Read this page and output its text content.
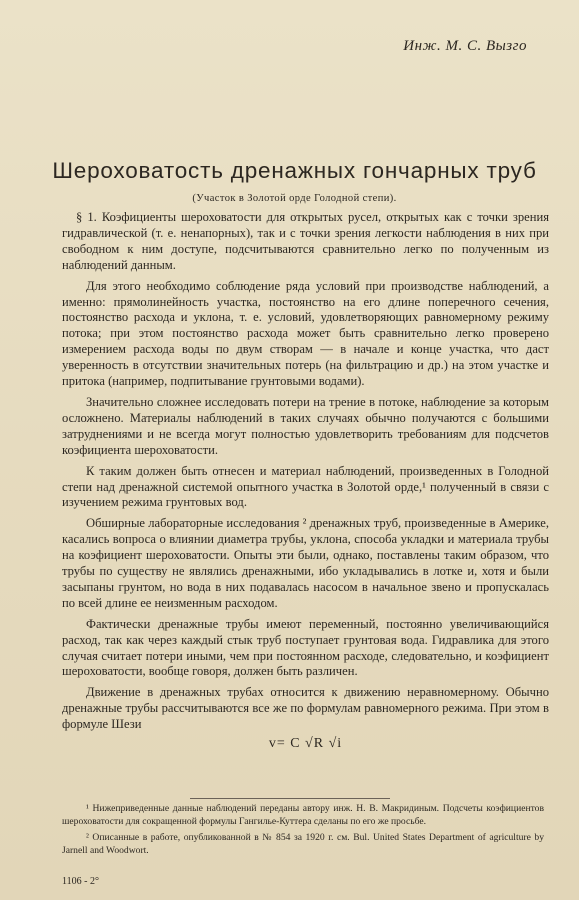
Инж. М. С. Вызго
Шероховатость дренажных гончарных труб
(Участок в Золотой орде Голодной степи).

§ 1. Коэфициенты шероховатости для открытых русел, открытых как с точки зрения гидравлической (т. е. ненапорных), так и с точки зрения легкости наблюдения в них при свободном к ним доступе, подсчитываются сравнительно легко по полученным из наблюдений данным.

Для этого необходимо соблюдение ряда условий при производстве наблюдений, а именно: прямолинейность участка, постоянство на его длине поперечного сечения, постоянство расхода и уклона, т. е. условий, удовлетворяющих равномерному режиму потока; при этом постоянство расхода может быть сравнительно легко проверено измерением расхода воды по двум створам — в начале и конце участка, что даст уверенность в отсутствии значительных потерь (на фильтрацию и др.) на этом участке и притока (например, подпитывание грунтовыми водами).

Значительно сложнее исследовать потери на трение в потоке, наблюдение за которым осложнено. Материалы наблюдений в таких случаях обычно получаются с большими затруднениями и не всегда могут полностью удовлетворить требованиям для подсчетов коэфициента шероховатости.

К таким должен быть отнесен и материал наблюдений, произведенных в Голодной степи над дренажной системой опытного участка в Золотой орде,¹ полученный в связи с изучением режима грунтовых вод.

Обширные лабораторные исследования ² дренажных труб, произведенные в Америке, касались вопроса о влиянии диаметра трубы, уклона, способа укладки и материала трубы на коэфициент шероховатости. Опыты эти были, однако, поставлены таким образом, что трубы по существу не являлись дренажными, ибо укладывались в лотке и, хотя и были засыпаны грунтом, но вода в них подавалась насосом в начальное звено и пропускалась по всей длине ее неизменным расходом.

Фактически дренажные трубы имеют переменный, постоянно увеличивающийся расход, так как через каждый стык труб поступает грунтовая вода. Гидравлика для этого случая считает потери иными, чем при постоянном расходе, следовательно, и коэфициент шероховатости, вообще говоря, должен быть различен.

Движение в дренажных трубах относится к движению неравномерному. Обычно дренажные трубы рассчитываются все же по формулам равномерного режима. При этом в формуле Шези

v= C √R √i

¹ Нижеприведенные данные наблюдений переданы автору инж. Н. В. Макридиным. Подсчеты коэфициентов шероховатости для сокращенной формулы Гангилье-Куттера сделаны по его же просьбе.

² Описанные в работе, опубликованной в № 854 за 1920 г. см. Bul. United States Department of agriculture by Jarnell and Woodwort.

1106 - 2°
